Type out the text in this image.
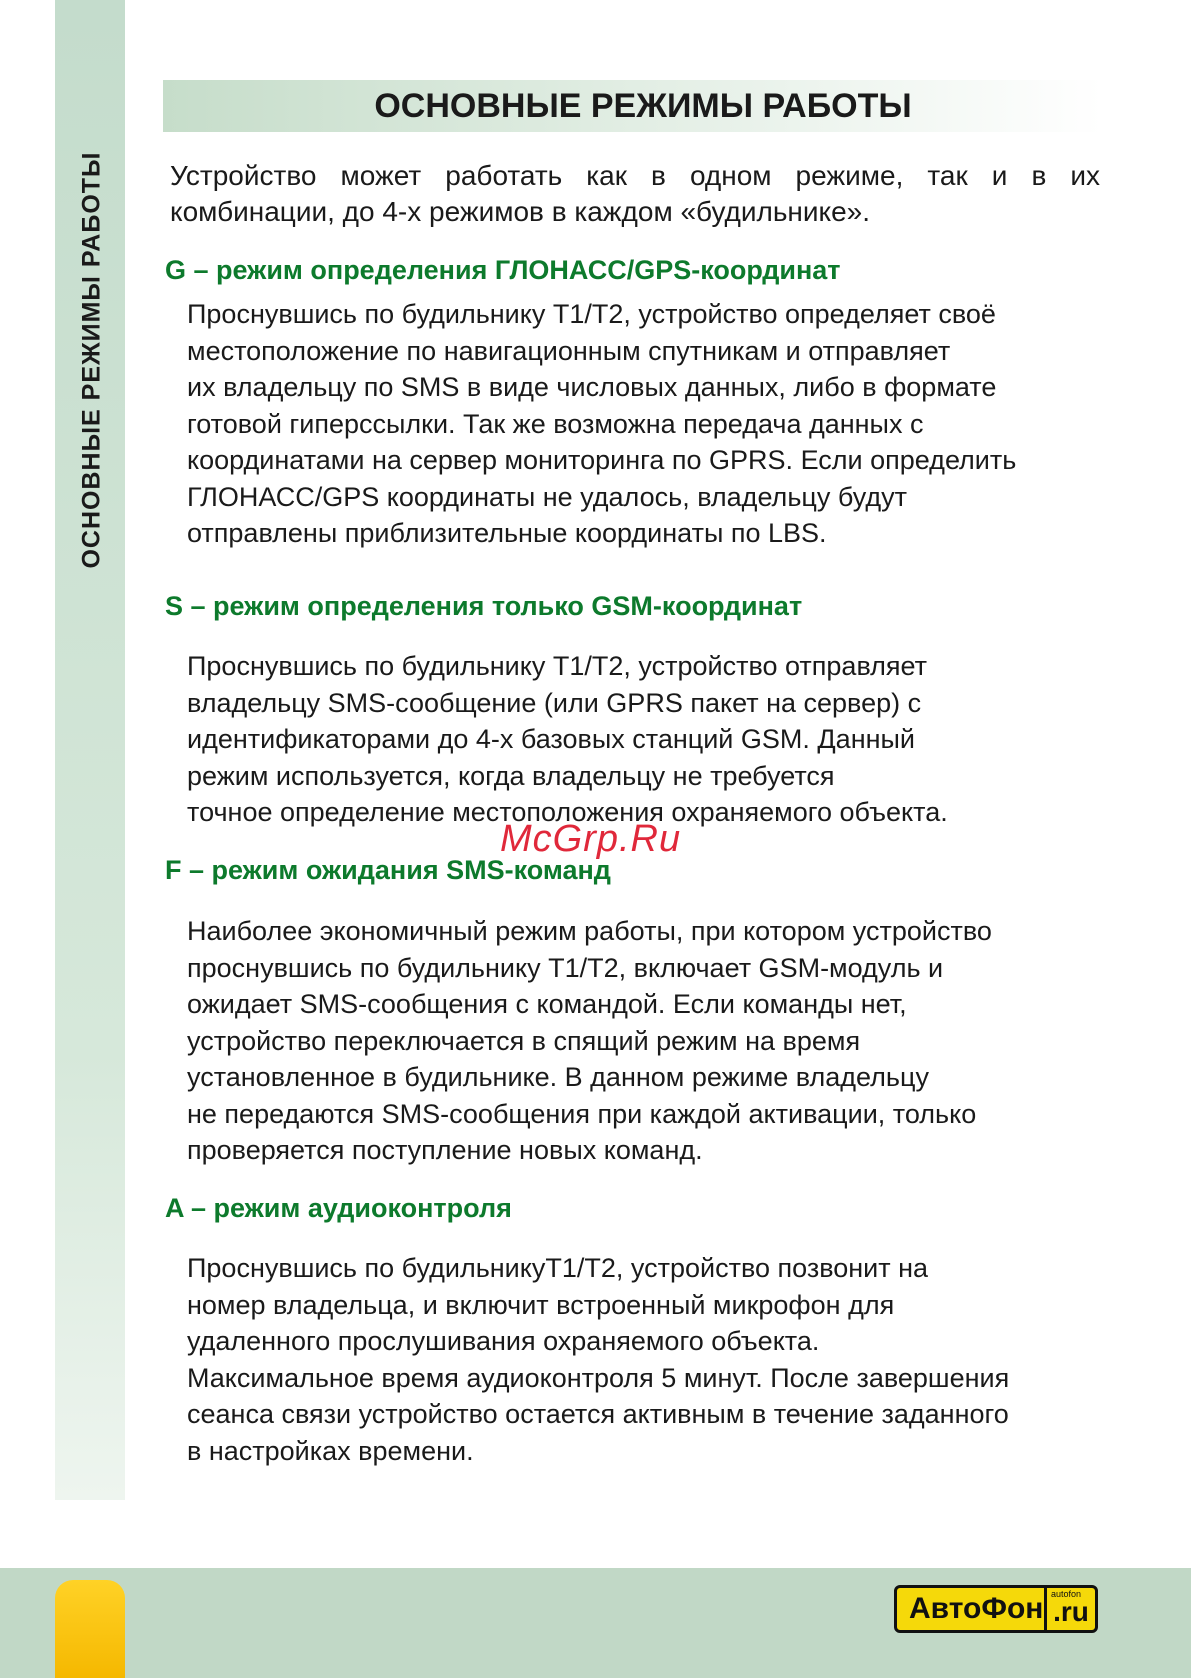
ОСНОВНЫЕ РЕЖИМЫ РАБОТЫ
ОСНОВНЫЕ РЕЖИМЫ РАБОТЫ
Устройство может работать как в одном режиме, так и в их комбинации, до 4-х режимов в каждом «будильнике».
G – режим определения ГЛОНАСС/GPS-координат
Проснувшись по будильнику T1/T2, устройство определяет своё
местоположение по навигационным спутникам и отправляет
их владельцу по SMS в виде числовых данных, либо в формате
готовой гиперссылки. Так же возможна передача данных с
координатами на сервер мониторинга по GPRS. Если определить
ГЛОНАСС/GPS координаты не удалось, владельцу будут
отправлены приблизительные координаты по LBS.
S – режим определения только GSM-координат
Проснувшись по будильнику T1/T2, устройство отправляет
владельцу SMS-сообщение (или GPRS пакет на сервер) с
идентификаторами до 4-х базовых станций GSM. Данный
режим используется, когда владельцу не требуется
точное определение местоположения охраняемого объекта.
McGrp.Ru
F – режим ожидания SMS-команд
Наиболее экономичный режим работы, при котором устройство
проснувшись по будильнику T1/T2, включает GSM-модуль и
ожидает SMS-сообщения с командой. Если команды нет,
устройство переключается в спящий режим на время
установленное в будильнике. В данном режиме владельцу
не передаются SMS-сообщения при каждой активации, только
проверяется поступление новых команд.
A – режим аудиоконтроля
Проснувшись по будильникуT1/T2, устройство позвонит на
номер владельца, и включит встроенный микрофон для
удаленного прослушивания охраняемого объекта.
Максимальное время аудиоконтроля 5 минут. После завершения
сеанса связи устройство остается активным в течение заданного
в настройках времени.
АвтоФон autofon
.ru
